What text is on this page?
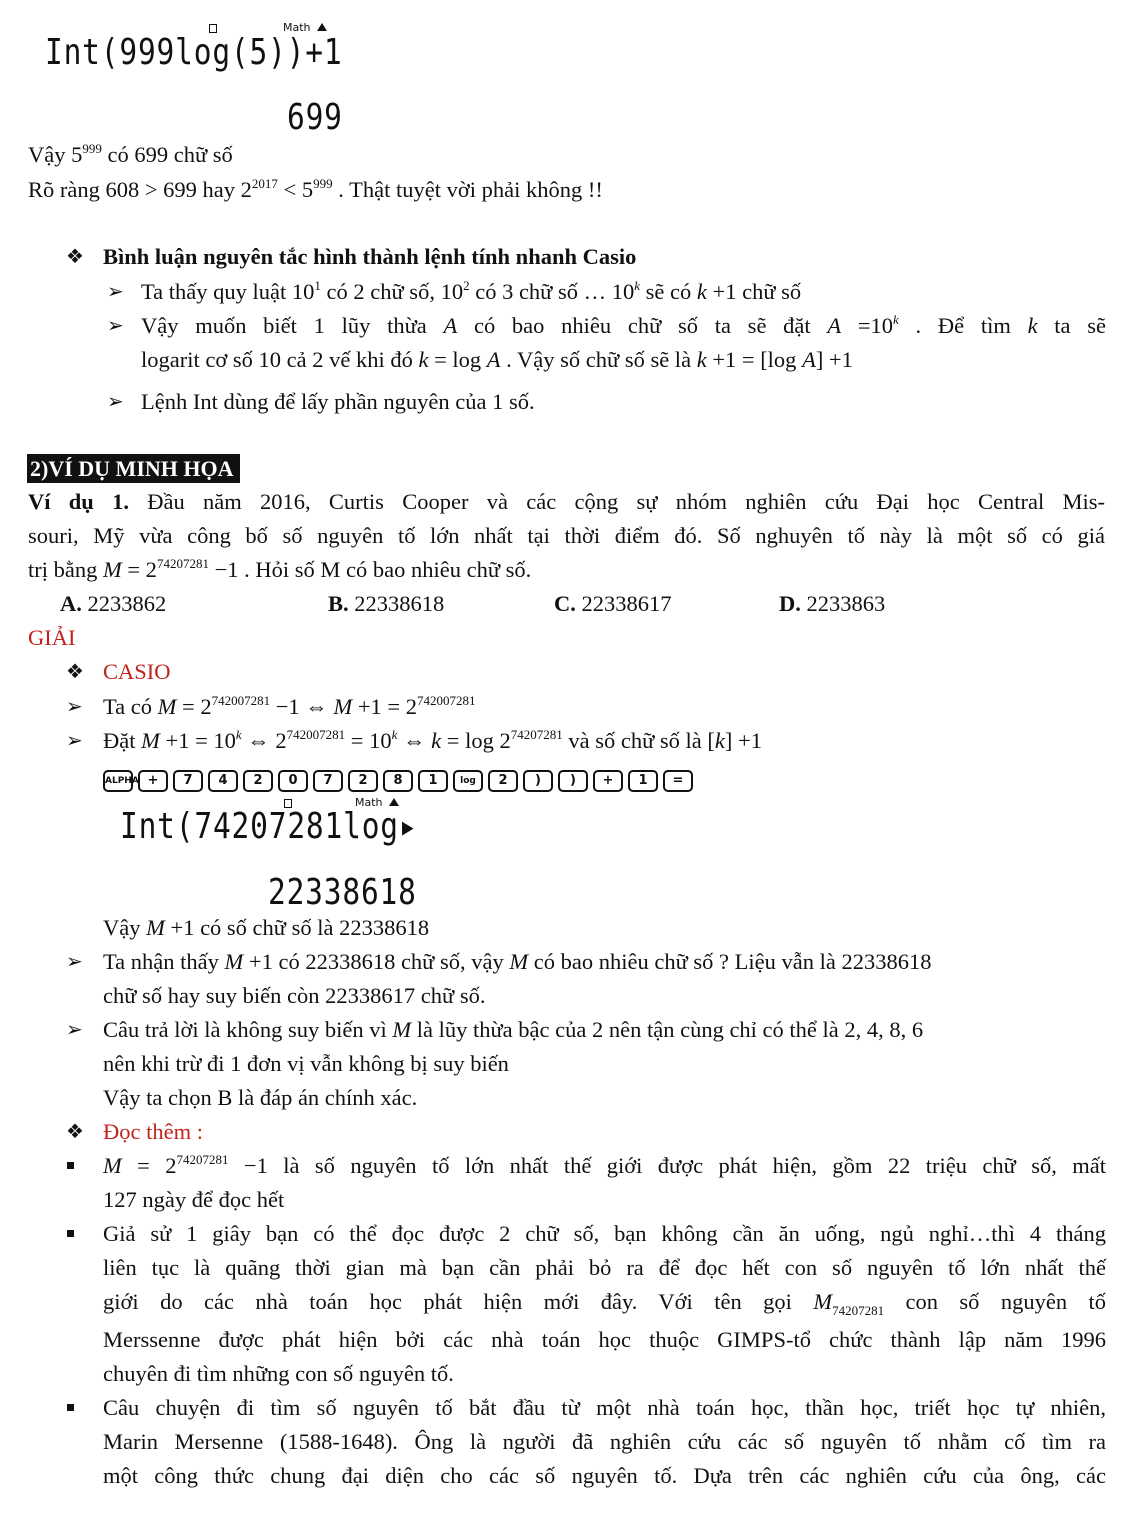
Math
Int(999log(5))+1
699
Vậy $5^{999}$ có 699 chữ số
Rõ ràng 608 > 699 hay $2^{2017} < 5^{999}$ . Thật tuyệt vời phải không !!
❖ Bình luận nguyên tắc hình thành lệnh tính nhanh Casio
➢ Ta thấy quy luật $10^1$ có 2 chữ số, $10^2$ có 3 chữ số … 10$^k$ sẽ có k +1 chữ số
➢ Vậy muốn biết 1 lũy thừa A có bao nhiêu chữ số ta sẽ đặt $A =10^k$ . Để tìm k ta sẽ
logarit cơ số 10 cả 2 vế khi đó k = log A . Vậy số chữ số sẽ là k +1 = [log A] +1
➢ Lệnh Int dùng để lấy phần nguyên của 1 số.
2)VÍ DỤ MINH HỌA
Ví dụ 1. Đầu năm 2016, Curtis Cooper và các cộng sự nhóm nghiên cứu Đại học Central Mis-
souri, Mỹ vừa công bố số nguyên tố lớn nhất tại thời điểm đó. Số nghuyên tố này là một số có giá
trị bằng $M = 2^{74207281} -1$ . Hỏi số M có bao nhiêu chữ số.
A. 2233862	B. 22338618	C. 22338617	D. 2233863
GIẢI
❖ CASIO
➢ Ta có $M = 2^{742007281} -1$ ⇔ $M +1 = 2^{742007281}$
➢ Đặt $M +1 = 10^k$ ⇔ $2^{742007281} = 10^k$ ⇔ $k = \log 2^{74207281}$ và số chữ số là [k] +1
ALPHA +	7	4	2	0	7	2	8	1	log	2	)	)	+	1	=
Math
Int(74207281log▸
22338618
Vậy M +1 có số chữ số là 22338618
➢ Ta nhận thấy M +1 có 22338618 chữ số, vậy M có bao nhiêu chữ số ? Liệu vẫn là 22338618
chữ số hay suy biến còn 22338617 chữ số.
➢ Câu trả lời là không suy biến vì M là lũy thừa bậc của 2 nên tận cùng chỉ có thể là 2, 4, 8, 6
nên khi trừ đi 1 đơn vị vẫn không bị suy biến
Vậy ta chọn B là đáp án chính xác.
❖ Đọc thêm :
$M = 2^{74207281} -1$ là số nguyên tố lớn nhất thế giới được phát hiện, gồm 22 triệu chữ số, mất
127 ngày để đọc hết
Giả sử 1 giây bạn có thể đọc được 2 chữ số, bạn không cần ăn uống, ngủ nghỉ…thì 4 tháng
liên tục là quãng thời gian mà bạn cần phải bỏ ra để đọc hết con số nguyên tố lớn nhất thế
giới do các nhà toán học phát hiện mới đây. Với tên gọi $M_{74207281}$ con số nguyên tố
Merssenne được phát hiện bởi các nhà toán học thuộc GIMPS-tổ chức thành lập năm 1996
chuyên đi tìm những con số nguyên tố.
Câu chuyện đi tìm số nguyên tố bắt đầu từ một nhà toán học, thần học, triết học tự nhiên,
Marin Mersenne (1588-1648). Ông là người đã nghiên cứu các số nguyên tố nhằm cố tìm ra
một công thức chung đại diện cho các số nguyên tố. Dựa trên các nghiên cứu của ông, các
